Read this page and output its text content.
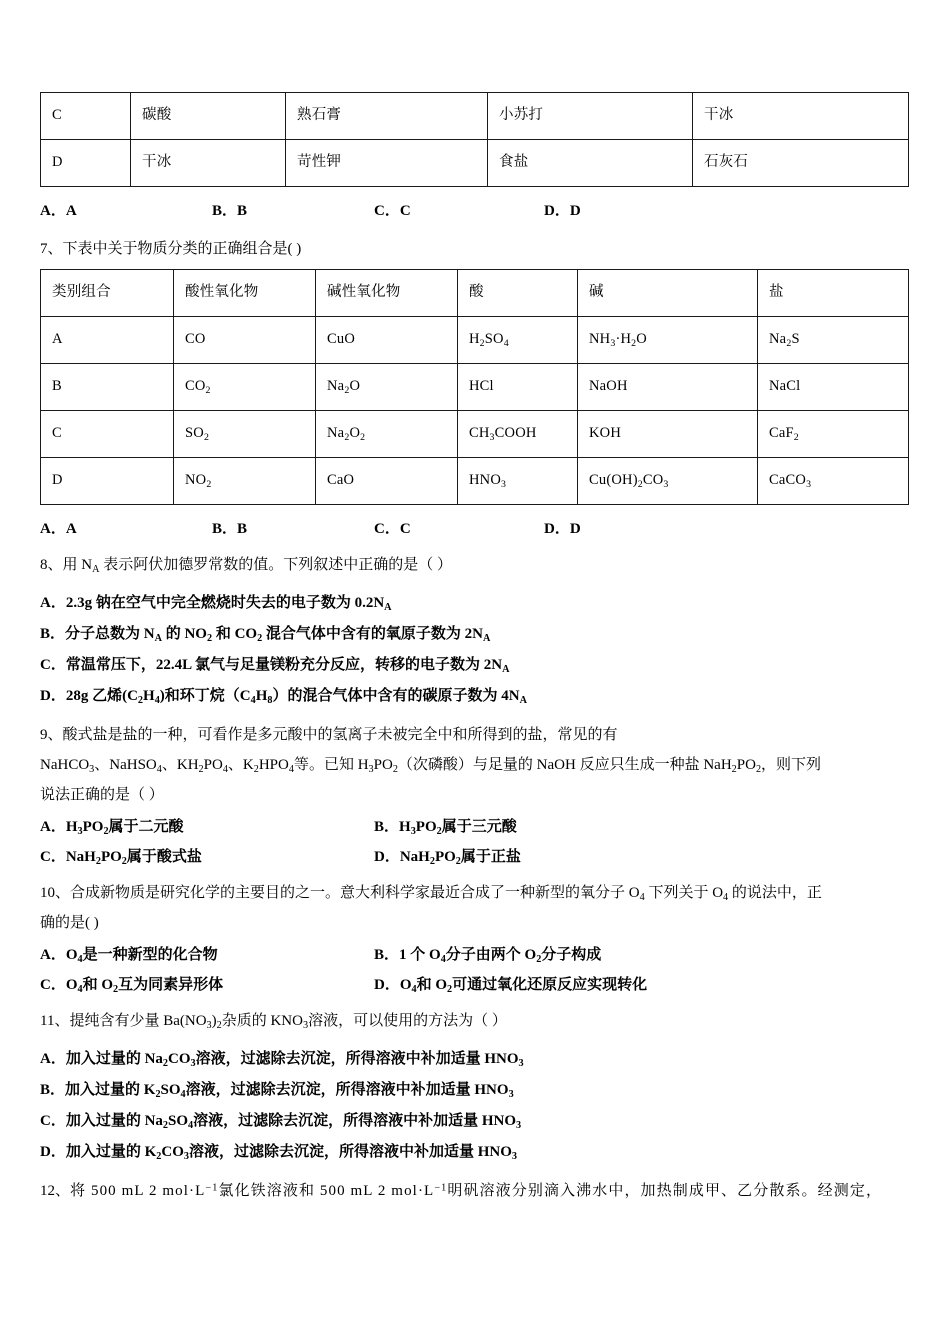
C	碳酸	熟石膏	小苏打	干冰
D	干冰	苛性钾	食盐	石灰石
A．A	B．B	C．C	D．D
7、下表中关于物质分类的正确组合是( )
类别组合	酸性氧化物	碱性氧化物	酸	碱	盐
A	CO	CuO	$H_2SO_4$	$NH_3\cdot H_2O$	$Na_2S$
B	$CO_2$	$Na_2O$	HCl	NaOH	NaCl
C	$SO_2$	$Na_2O_2$	$CH_3COOH$	KOH	CaF$_2$
D	$NO_2$	CaO	$HNO_3$	$Cu(OH)_2CO_3$	CaCO$_3$
A．A	B．B	C．C	D．D
8、用 $N_A$ 表示阿伏加德罗常数的值。下列叙述中正确的是（ ）
A．2.3g 钠在空气中完全燃烧时失去的电子数为 $0.2N_A$
B．分子总数为 $N_A$ 的 $NO_2$ 和 $CO_2$ 混合气体中含有的氧原子数为 $2N_A$
C．常温常压下，22.4L 氯气与足量镁粉充分反应，转移的电子数为 $2N_A$
D．28g 乙烯$(C_2H_4)$和环丁烷$(C_4H_8)$的混合气体中含有的碳原子数为 $4N_A$
9、酸式盐是盐的一种，可看作是多元酸中的氢离子未被完全中和所得到的盐，常见的有
NaHCO$_3$、NaHSO$_4$、$KH_2PO_4$、$K_2HPO_4$等。已知 $H_3PO_2$（次磷酸）与足量的 NaOH 反应只生成一种盐 $NaH_2PO_2$，则下列
说法正确的是（ ）
A．$H_3PO_2$属于二元酸	B．$H_3PO_2$属于三元酸
C．$NaH_2PO_2$属于酸式盐	D．$NaH_2PO_2$属于正盐
10、合成新物质是研究化学的主要目的之一。意大利科学家最近合成了一种新型的氧分子 $O_4$ 下列关于 $O_4$ 的说法中，正
确的是( )
A．$O_4$是一种新型的化合物	B．1 个 $O_4$分子由两个 $O_2$分子构成
C．$O_4$和 $O_2$互为同素异形体	D．$O_4$和 $O_2$可通过氧化还原反应实现转化
11、提纯含有少量 $Ba(NO_3)_2$杂质的 $KNO_3$溶液，可以使用的方法为（ ）
A．加入过量的 $Na_2CO_3$溶液，过滤除去沉淀，所得溶液中补加适量 $HNO_3$
B．加入过量的 $K_2SO_4$溶液，过滤除去沉淀，所得溶液中补加适量 $HNO_3$
C．加入过量的 $Na_2SO_4$溶液，过滤除去沉淀，所得溶液中补加适量 $HNO_3$
D．加入过量的 $K_2CO_3$溶液，过滤除去沉淀，所得溶液中补加适量 $HNO_3$
12、将 500 mL 2 $mol\cdot L^{-1}$氯化铁溶液和 500 mL 2 $mol\cdot L^{-1}$明矾溶液分别滴入沸水中，加热制成甲、乙分散系。经测定，
